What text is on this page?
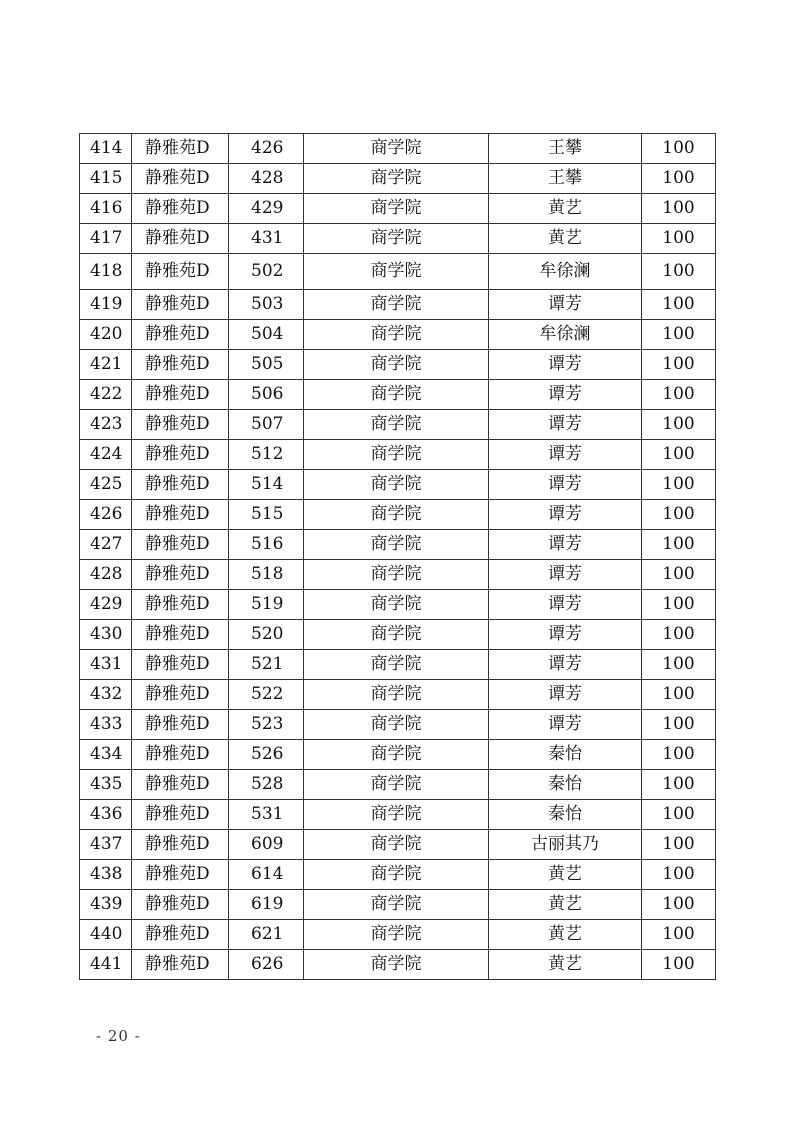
414	静雅苑D	426	商学院	王攀	100
415	静雅苑D	428	商学院	王攀	100
416	静雅苑D	429	商学院	黄艺	100
417	静雅苑D	431	商学院	黄艺	100
418	静雅苑D	502	商学院	牟徐澜	100
419	静雅苑D	503	商学院	谭芳	100
420	静雅苑D	504	商学院	牟徐澜	100
421	静雅苑D	505	商学院	谭芳	100
422	静雅苑D	506	商学院	谭芳	100
423	静雅苑D	507	商学院	谭芳	100
424	静雅苑D	512	商学院	谭芳	100
425	静雅苑D	514	商学院	谭芳	100
426	静雅苑D	515	商学院	谭芳	100
427	静雅苑D	516	商学院	谭芳	100
428	静雅苑D	518	商学院	谭芳	100
429	静雅苑D	519	商学院	谭芳	100
430	静雅苑D	520	商学院	谭芳	100
431	静雅苑D	521	商学院	谭芳	100
432	静雅苑D	522	商学院	谭芳	100
433	静雅苑D	523	商学院	谭芳	100
434	静雅苑D	526	商学院	秦怡	100
435	静雅苑D	528	商学院	秦怡	100
436	静雅苑D	531	商学院	秦怡	100
437	静雅苑D	609	商学院	古丽其乃	100
438	静雅苑D	614	商学院	黄艺	100
439	静雅苑D	619	商学院	黄艺	100
440	静雅苑D	621	商学院	黄艺	100
441	静雅苑D	626	商学院	黄艺	100
- 20 -
